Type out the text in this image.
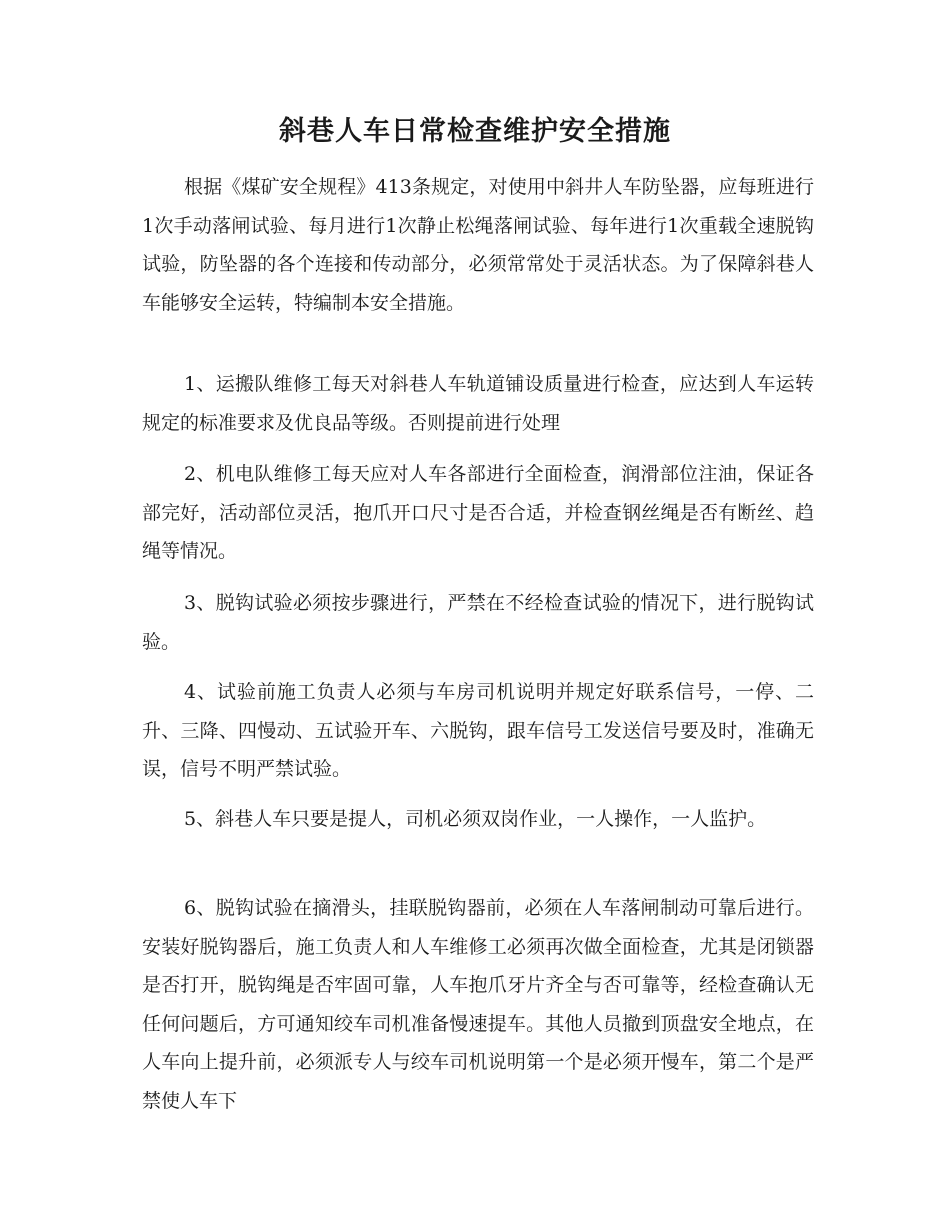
斜巷人车日常检查维护安全措施

根据《煤矿安全规程》413条规定，对使用中斜井人车防坠器，应每班进行1次手动落闸试验、每月进行1次静止松绳落闸试验、每年进行1次重载全速脱钩试验，防坠器的各个连接和传动部分，必须常常处于灵活状态。为了保障斜巷人车能够安全运转，特编制本安全措施。

1、运搬队维修工每天对斜巷人车轨道铺设质量进行检查，应达到人车运转规定的标准要求及优良品等级。否则提前进行处理

2、机电队维修工每天应对人车各部进行全面检查，润滑部位注油，保证各部完好，活动部位灵活，抱爪开口尺寸是否合适，并检查钢丝绳是否有断丝、趋绳等情况。

3、脱钩试验必须按步骤进行，严禁在不经检查试验的情况下，进行脱钩试验。

4、试验前施工负责人必须与车房司机说明并规定好联系信号，一停、二升、三降、四慢动、五试验开车、六脱钩，跟车信号工发送信号要及时，准确无误，信号不明严禁试验。

5、斜巷人车只要是提人，司机必须双岗作业，一人操作，一人监护。

6、脱钩试验在摘滑头，挂联脱钩器前，必须在人车落闸制动可靠后进行。安装好脱钩器后，施工负责人和人车维修工必须再次做全面检查，尤其是闭锁器是否打开，脱钩绳是否牢固可靠，人车抱爪牙片齐全与否可靠等，经检查确认无任何问题后，方可通知绞车司机准备慢速提车。其他人员撤到顶盘安全地点，在人车向上提升前，必须派专人与绞车司机说明第一个是必须开慢车，第二个是严禁使人车下
